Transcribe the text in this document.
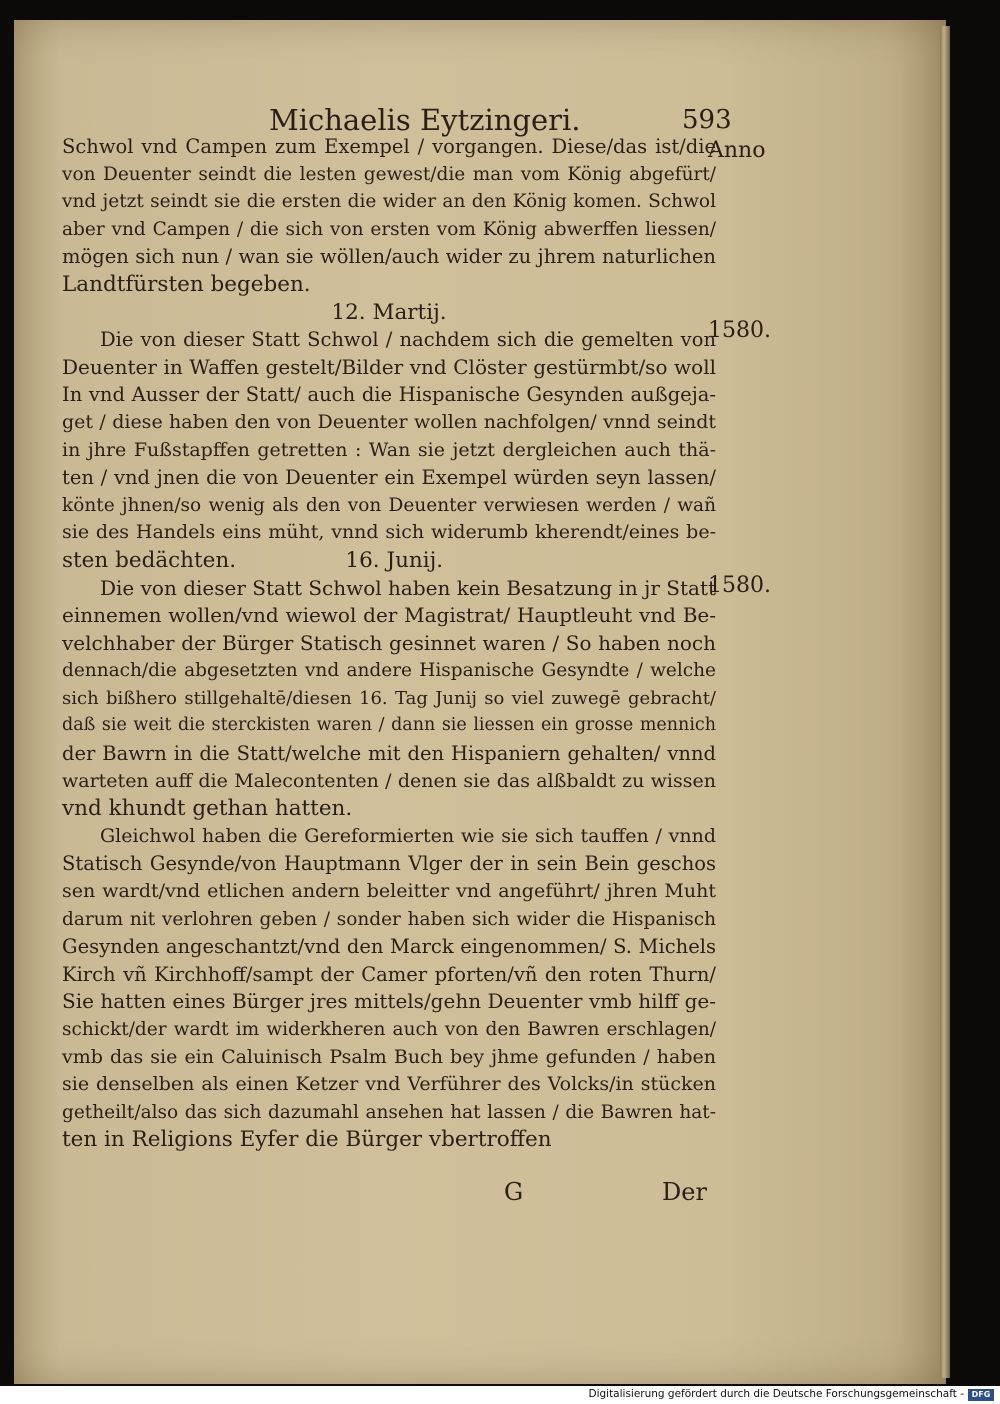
Michaelis Eytzingeri.	593
Anno
1580.
1580.
Schwol vnd Campen zum Exempel / vorgangen. Diese/das ist/die
von Deuenter seindt die lesten gewest/die man vom König abgefürt/
vnd jetzt seindt sie die ersten die wider an den König komen. Schwol
aber vnd Campen / die sich von ersten vom König abwerffen liessen/
mögen sich nun / wan sie wöllen/auch wider zu jhrem naturlichen
Landtfürsten begeben.
12. Martij.
Die von dieser Statt Schwol / nachdem sich die gemelten von
Deuenter in Waffen gestelt/Bilder vnd Clöster gestürmbt/so woll
In vnd Ausser der Statt/ auch die Hispanische Gesynden außgeja-
get / diese haben den von Deuenter wollen nachfolgen/ vnnd seindt
in jhre Fußstapffen getretten : Wan sie jetzt dergleichen auch thä-
ten / vnd jnen die von Deuenter ein Exempel würden seyn lassen/
könte jhnen/so wenig als den von Deuenter verwiesen werden / wañ
sie des Handels eins müht, vnnd sich widerumb kherendt/eines be-
sten bedächten.                16. Junij.
Die von dieser Statt Schwol haben kein Besatzung in jr Statt
einnemen wollen/vnd wiewol der Magistrat/ Hauptleuht vnd Be-
velchhaber der Bürger Statisch gesinnet waren / So haben noch
dennach/die abgesetzten vnd andere Hispanische Gesyndte / welche
sich bißhero stillgehaltē/diesen 16. Tag Junij so viel zuwegē gebracht/
daß sie weit die sterckisten waren / dann sie liessen ein grosse mennich
der Bawrn in die Statt/welche mit den Hispaniern gehalten/ vnnd
warteten auff die Malecontenten / denen sie das alßbaldt zu wissen
vnd khundt gethan hatten.
Gleichwol haben die Gereformierten wie sie sich tauffen / vnnd
Statisch Gesynde/von Hauptmann Vlger der in sein Bein geschos
sen wardt/vnd etlichen andern beleitter vnd angeführt/ jhren Muht
darum nit verlohren geben / sonder haben sich wider die Hispanisch
Gesynden angeschantzt/vnd den Marck eingenommen/ S. Michels
Kirch vñ Kirchhoff/sampt der Camer pforten/vñ den roten Thurn/
Sie hatten eines Bürger jres mittels/gehn Deuenter vmb hilff ge-
schickt/der wardt im widerkheren auch von den Bawren erschlagen/
vmb das sie ein Caluinisch Psalm Buch bey jhme gefunden / haben
sie denselben als einen Ketzer vnd Verführer des Volcks/in stücken
getheilt/also das sich dazumahl ansehen hat lassen / die Bawren hat-
ten in Religions Eyfer die Bürger vbertroffen
G	Der
Digitalisierung gefördert durch die Deutsche Forschungsgemeinschaft - DFG
